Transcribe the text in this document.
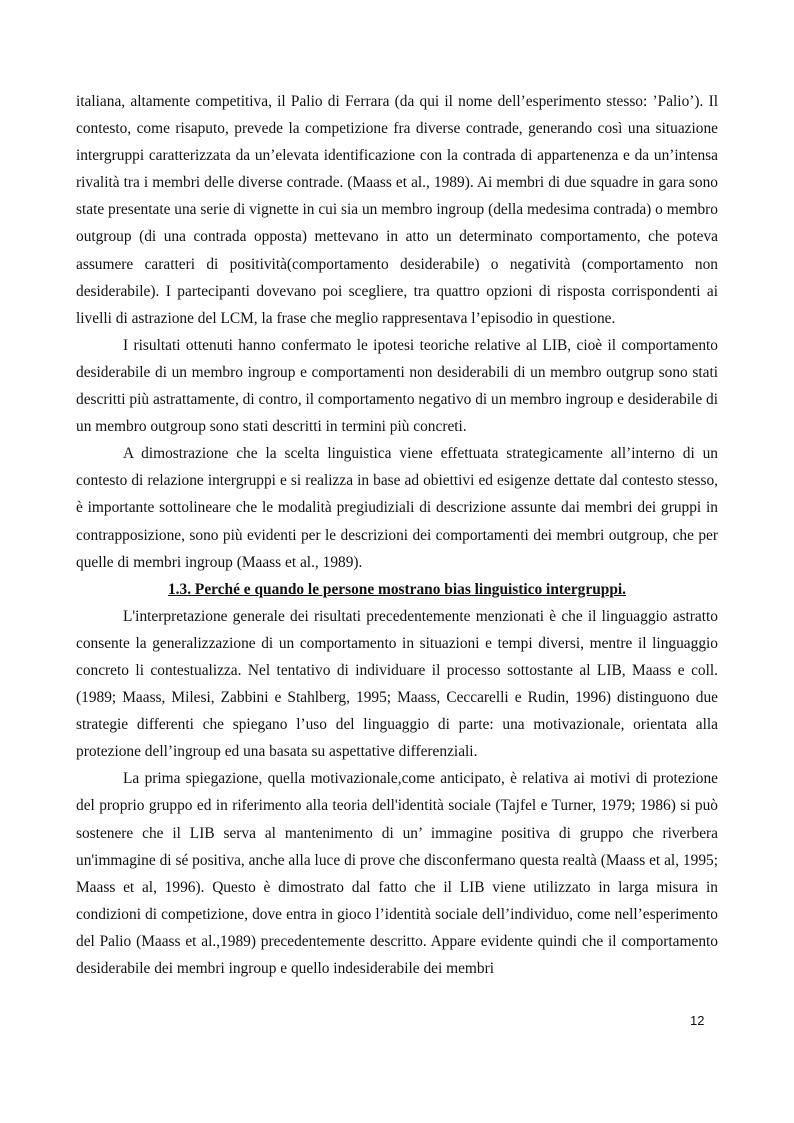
italiana, altamente competitiva, il Palio di Ferrara (da qui il nome dell’esperimento stesso: ’Palio’). Il contesto, come risaputo, prevede la competizione fra diverse contrade, generando così una situazione intergruppi caratterizzata da un’elevata identificazione con la contrada di appartenenza e da un’intensa rivalità tra i membri delle diverse contrade. (Maass et al., 1989). Ai membri di due squadre in gara sono state presentate una serie di vignette in cui sia un membro ingroup (della medesima contrada) o membro outgroup (di una contrada opposta) mettevano in atto un determinato comportamento, che poteva assumere caratteri di positività(comportamento desiderabile) o negatività (comportamento non desiderabile). I partecipanti dovevano poi scegliere, tra quattro opzioni di risposta corrispondenti ai livelli di astrazione del LCM, la frase che meglio rappresentava l’episodio in questione.

I risultati ottenuti hanno confermato le ipotesi teoriche relative al LIB, cioè il comportamento desiderabile di un membro ingroup e comportamenti non desiderabili di un membro outgrup sono stati descritti più astrattamente, di contro, il comportamento negativo di un membro ingroup e desiderabile di un membro outgroup sono stati descritti in termini più concreti.

A dimostrazione che la scelta linguistica viene effettuata strategicamente all’interno di un contesto di relazione intergruppi e si realizza in base ad obiettivi ed esigenze dettate dal contesto stesso, è importante sottolineare che le modalità pregiudiziali di descrizione assunte dai membri dei gruppi in contrapposizione, sono più evidenti per le descrizioni dei comportamenti dei membri outgroup, che per quelle di membri ingroup (Maass et al., 1989).

1.3. Perché e quando le persone mostrano bias linguistico intergruppi.

L'interpretazione generale dei risultati precedentemente menzionati è che il linguaggio astratto consente la generalizzazione di un comportamento in situazioni e tempi diversi, mentre il linguaggio concreto li contestualizza. Nel tentativo di individuare il processo sottostante al LIB, Maass e coll. (1989; Maass, Milesi, Zabbini e Stahlberg, 1995; Maass, Ceccarelli e Rudin, 1996) distinguono due strategie differenti che spiegano l’uso del linguaggio di parte: una motivazionale, orientata alla protezione dell’ingroup ed una basata su aspettative differenziali.

La prima spiegazione, quella motivazionale,come anticipato, è relativa ai motivi di protezione del proprio gruppo ed in riferimento alla teoria dell'identità sociale (Tajfel e Turner, 1979; 1986) si può sostenere che il LIB serva al mantenimento di un’ immagine positiva di gruppo che riverbera un'immagine di sé positiva, anche alla luce di prove che disconfermano questa realtà (Maass et al, 1995; Maass et al, 1996). Questo è dimostrato dal fatto che il LIB viene utilizzato in larga misura in condizioni di competizione, dove entra in gioco l’identità sociale dell’individuo, come nell’esperimento del Palio (Maass et al.,1989) precedentemente descritto. Appare evidente quindi che il comportamento desiderabile dei membri ingroup e quello indesiderabile dei membri

12
